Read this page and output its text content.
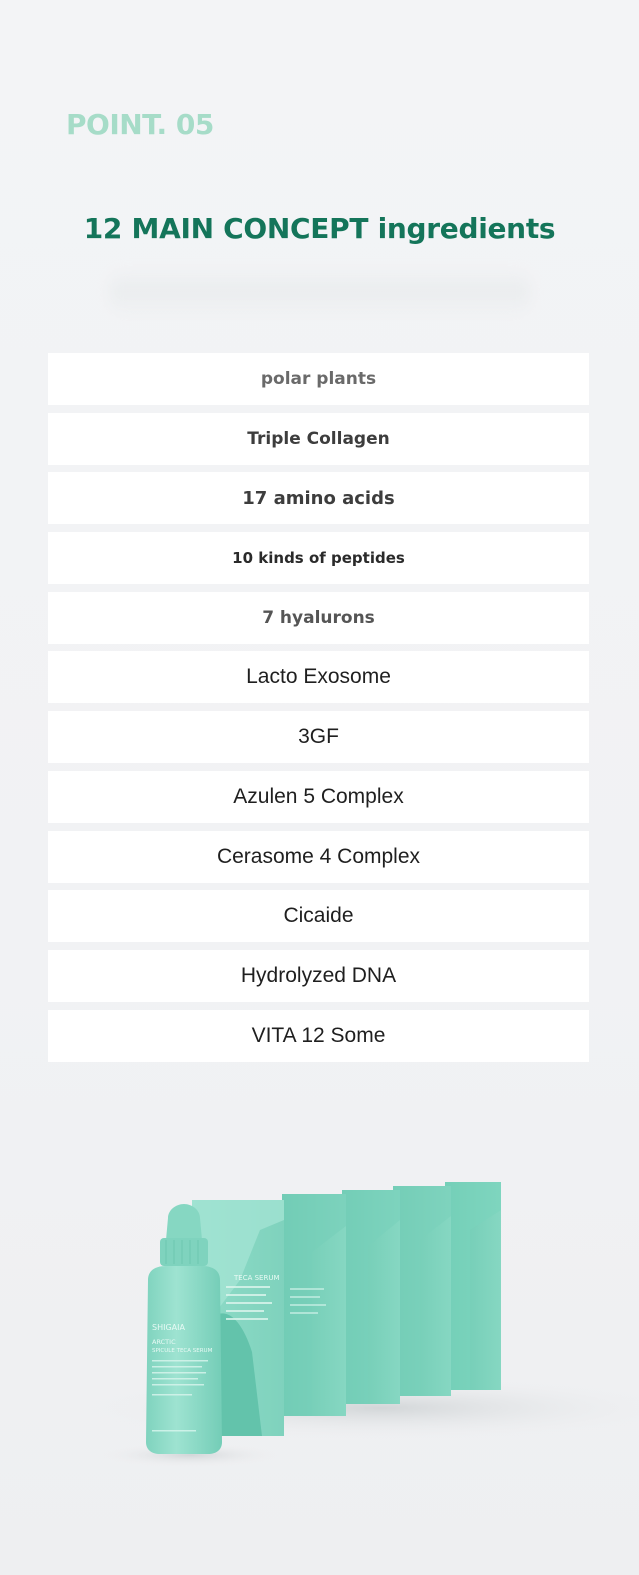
POINT. 05
12 MAIN CONCEPT ingredients
polar plants
Triple Collagen
17 amino acids
10 kinds of peptides
7 hyalurons
Lacto Exosome
3GF
Azulen 5 Complex
Cerasome 4 Complex
Cicaide
Hydrolyzed DNA
VITA 12 Some
TECA SERUM
SHIGAIA
ARCTIC
SPICULE TECA SERUM
